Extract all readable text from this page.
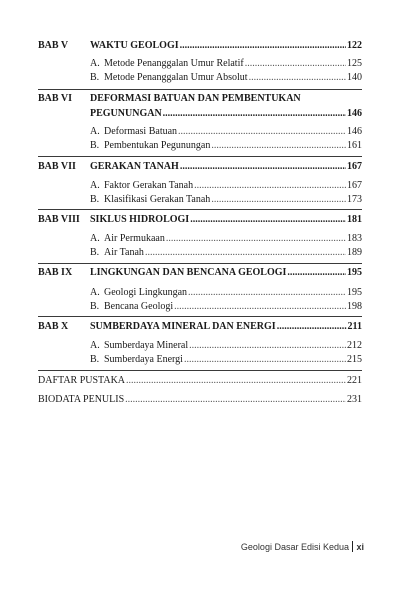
BAB V	WAKTU GEOLOGI .....	122
A. Metode Penanggalan Umur Relatif .....	125
B. Metode Penanggalan Umur Absolut .....	140
BAB VI	DEFORMASI BATUAN DAN PEMBENTUKAN
PEGUNUNGAN .....	146
A. Deformasi Batuan .....	146
B. Pembentukan Pegunungan .....	161
BAB VII	GERAKAN TANAH .....	167
A. Faktor Gerakan Tanah .....	167
B. Klasifikasi Gerakan Tanah .....	173
BAB VIII	SIKLUS HIDROLOGI .....	181
A. Air Permukaan .....	183
B. Air Tanah .....	189
BAB IX	LINGKUNGAN DAN BENCANA GEOLOGI .....	195
A. Geologi Lingkungan .....	195
B. Bencana Geologi .....	198
BAB X	SUMBERDAYA MINERAL DAN ENERGI .....	211
A. Sumberdaya Mineral .....	212
B. Sumberdaya Energi .....	215
DAFTAR PUSTAKA .....	221
BIODATA PENULIS .....	231
Geologi Dasar Edisi Kedua xi
